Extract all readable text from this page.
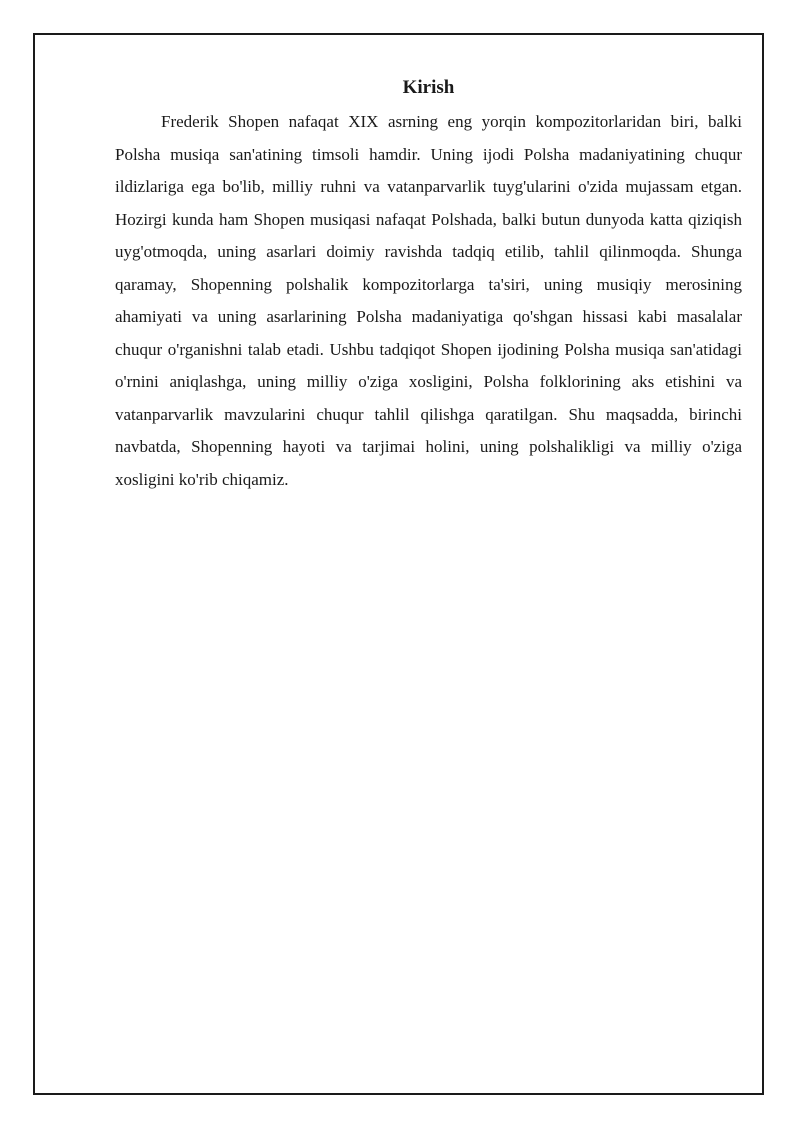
Kirish

Frederik Shopen nafaqat XIX asrning eng yorqin kompozitorlaridan biri, balki Polsha musiqa san'atining timsoli hamdir. Uning ijodi Polsha madaniyatining chuqur ildizlariga ega bo'lib, milliy ruhni va vatanparvarlik tuyg'ularini o'zida mujassam etgan. Hozirgi kunda ham Shopen musiqasi nafaqat Polshada, balki butun dunyoda katta qiziqish uyg'otmoqda, uning asarlari doimiy ravishda tadqiq etilib, tahlil qilinmoqda. Shunga qaramay, Shopenning polshalik kompozitorlarga ta'siri, uning musiqiy merosining ahamiyati va uning asarlarining Polsha madaniyatiga qo'shgan hissasi kabi masalalar chuqur o'rganishni talab etadi. Ushbu tadqiqot Shopen ijodining Polsha musiqa san'atidagi o'rnini aniqlashga, uning milliy o'ziga xosligini, Polsha folklorining aks etishini va vatanparvarlik mavzularini chuqur tahlil qilishga qaratilgan. Shu maqsadda, birinchi navbatda, Shopenning hayoti va tarjimai holini, uning polshalikligi va milliy o'ziga xosligini ko'rib chiqamiz.
